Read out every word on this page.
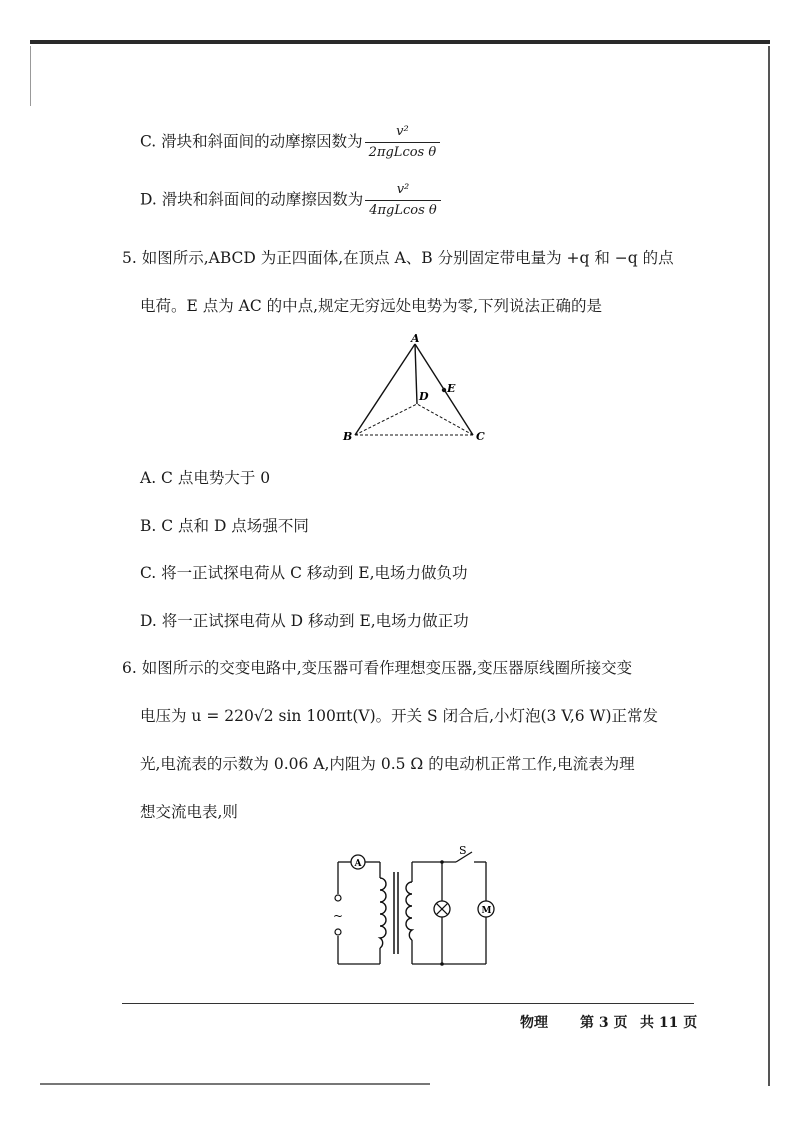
C. 滑块和斜面间的动摩擦因数为 $\frac{\text{v²}}{\text{2πgLcos θ}}$
D. 滑块和斜面间的动摩擦因数为 $\frac{\text{v²}}{\text{4πgLcos θ}}$
5. 如图所示,ABCD 为正四面体,在顶点 A、B 分别固定带电量为 +q 和 −q 的点
电荷。E 点为 AC 的中点,规定无穷远处电势为零,下列说法正确的是
A
B	C
D
E
A. C 点电势大于 0
B. C 点和 D 点场强不同
C. 将一正试探电荷从 C 移动到 E,电场力做负功
D. 将一正试探电荷从 D 移动到 E,电场力做正功
6. 如图所示的交变电路中,变压器可看作理想变压器,变压器原线圈所接交变
电压为 u = 220√2 sin 100πt(V)。开关 S 闭合后,小灯泡(3 V,6 W)正常发
光,电流表的示数为 0.06 A,内阻为 0.5 Ω 的电动机正常工作,电流表为理
想交流电表,则
A
~
S
M
物理 第 3 页 共 11 页
